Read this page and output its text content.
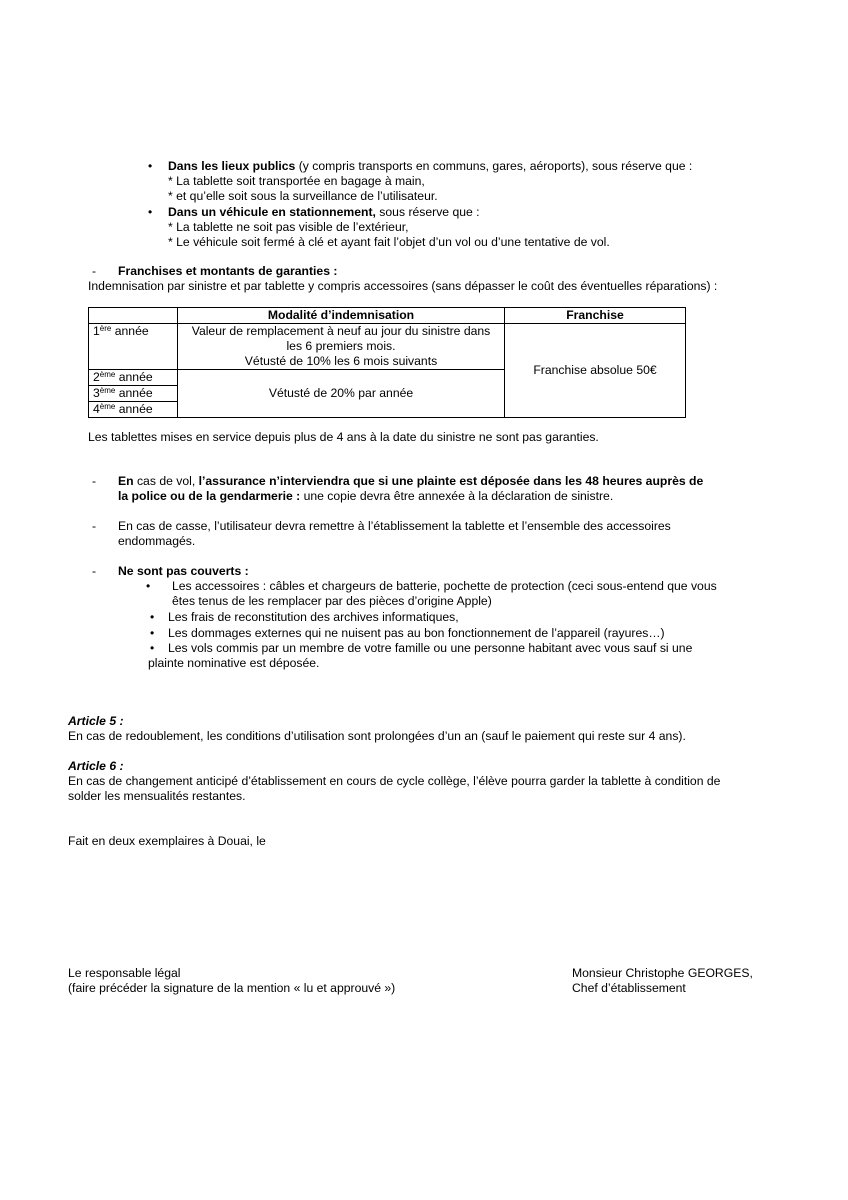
• Dans les lieux publics (y compris transports en communs, gares, aéroports), sous réserve que :
* La tablette soit transportée en bagage à main,
* et qu’elle soit sous la surveillance de l’utilisateur.
• Dans un véhicule en stationnement, sous réserve que :
* La tablette ne soit pas visible de l’extérieur,
* Le véhicule soit fermé à clé et ayant fait l’objet d’un vol ou d’une tentative de vol.
- Franchises et montants de garanties :
Indemnisation par sinistre et par tablette y compris accessoires (sans dépasser le coût des éventuelles réparations) :
	Modalité d’indemnisation	Franchise
1ère année	Valeur de remplacement à neuf au jour du sinistre dans
les 6 premiers mois.
Vétusté de 10% les 6 mois suivants	Franchise absolue 50€
2ème année	Vétusté de 20% par année	
3ème année		
4ème année		
Les tablettes mises en service depuis plus de 4 ans à la date du sinistre ne sont pas garanties.
- En cas de vol, l’assurance n’interviendra que si une plainte est déposée dans les 48 heures auprès de
la police ou de la gendarmerie : une copie devra être annexée à la déclaration de sinistre.
- En cas de casse, l’utilisateur devra remettre à l’établissement la tablette et l’ensemble des accessoires
endommagés.
- Ne sont pas couverts :
• Les accessoires : câbles et chargeurs de batterie, pochette de protection (ceci sous-entend que vous
êtes tenus de les remplacer par des pièces d’origine Apple)
• Les frais de reconstitution des archives informatiques,
• Les dommages externes qui ne nuisent pas au bon fonctionnement de l’appareil (rayures…)
• Les vols commis par un membre de votre famille ou une personne habitant avec vous sauf si une
plainte nominative est déposée.
Article 5 :
En cas de redoublement, les conditions d’utilisation sont prolongées d’un an (sauf le paiement qui reste sur 4 ans).
Article 6 :
En cas de changement anticipé d’établissement en cours de cycle collège, l’élève pourra garder la tablette à condition de
solder les mensualités restantes.
Fait en deux exemplaires à Douai, le
Le responsable légal
(faire précéder la signature de la mention « lu et approuvé »)
Monsieur Christophe GEORGES,
Chef d’établissement
